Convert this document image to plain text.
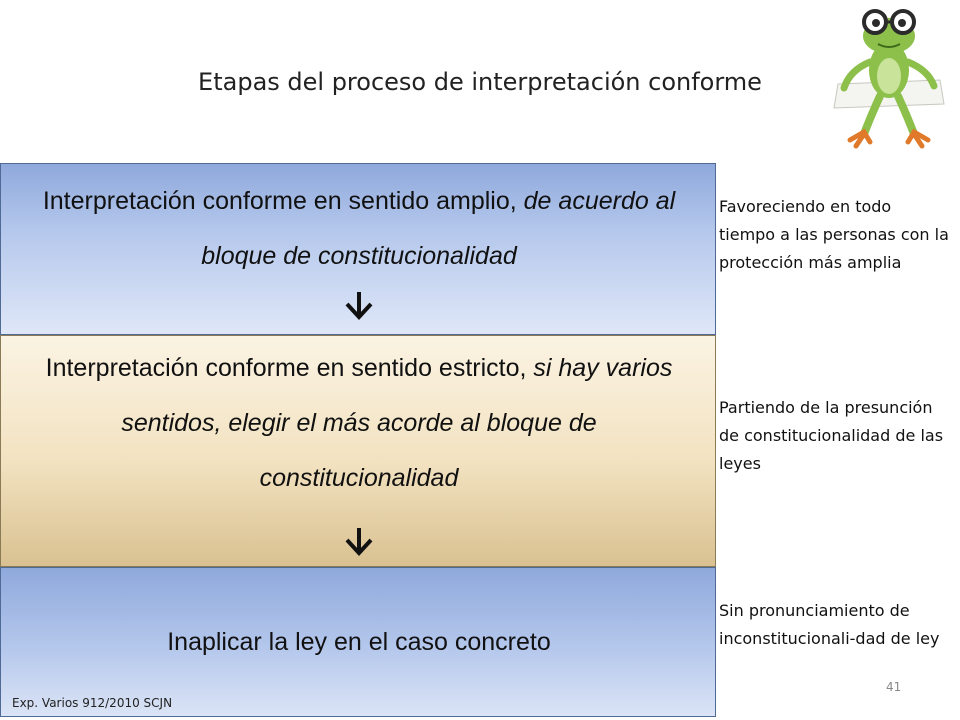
Etapas del proceso de interpretación conforme
Interpretación conforme en sentido amplio, de acuerdo al bloque de constitucionalidad
Interpretación conforme en sentido estricto, si hay varios sentidos, elegir el más acorde al bloque de constitucionalidad
Inaplicar la ley en el caso concreto
Exp. Varios 912/2010 SCJN
Favoreciendo en todo tiempo a las personas con la protección más amplia
Partiendo de la presunción de constitucionalidad de las leyes
Sin pronunciamiento de inconstitucionali-dad de ley
41
